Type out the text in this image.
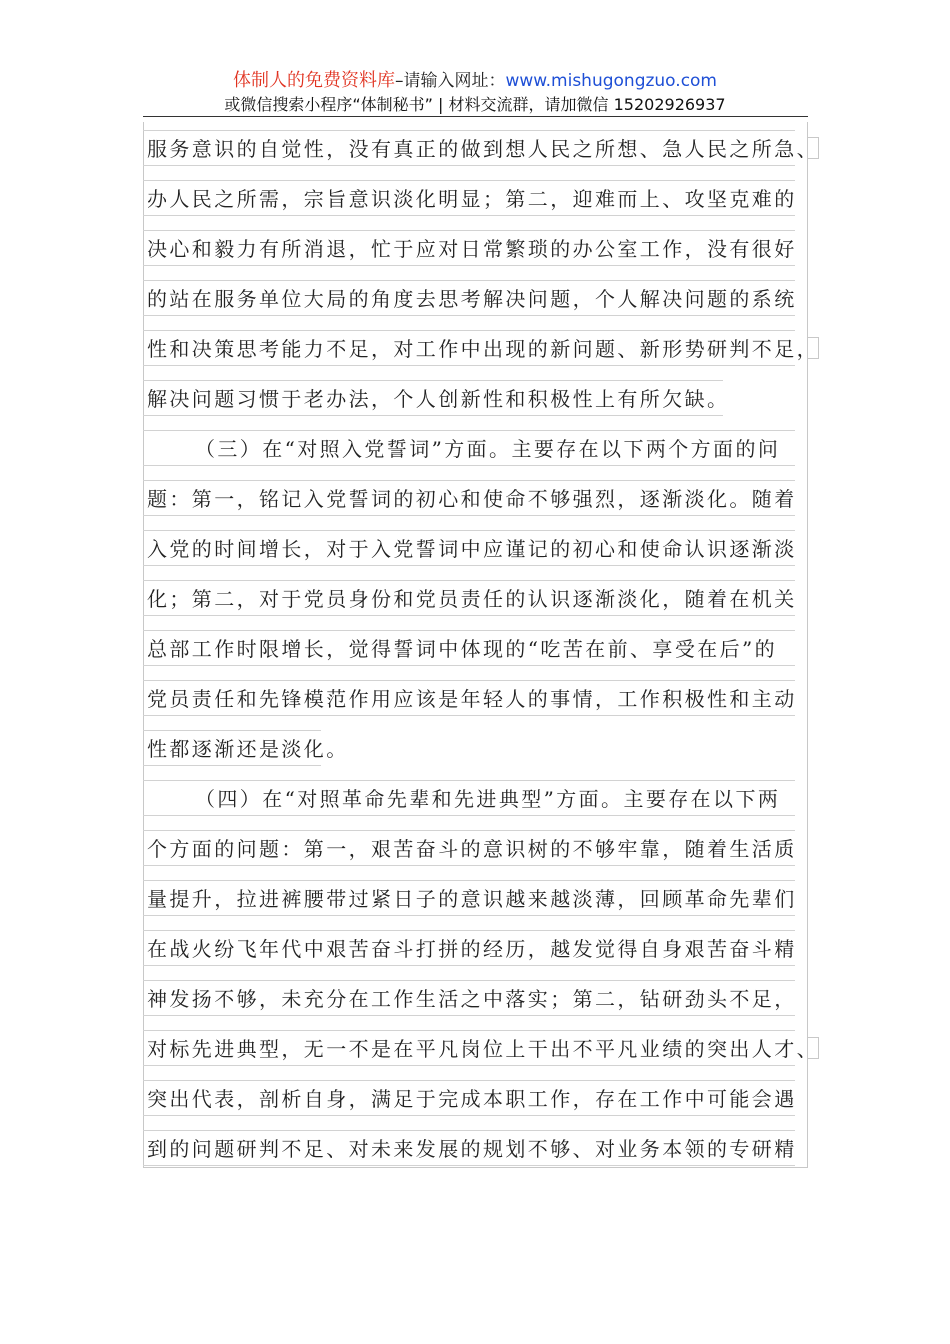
体制人的免费资料库–请输入网址：www.mishugongzuo.com
或微信搜索小程序“体制秘书” | 材料交流群，请加微信 15202926937
服务意识的自觉性，没有真正的做到想人民之所想、急人民之所急、
办人民之所需，宗旨意识淡化明显；第二，迎难而上、攻坚克难的
决心和毅力有所消退，忙于应对日常繁琐的办公室工作，没有很好
的站在服务单位大局的角度去思考解决问题，个人解决问题的系统
性和决策思考能力不足，对工作中出现的新问题、新形势研判不足，
解决问题习惯于老办法，个人创新性和积极性上有所欠缺。
（三）在“对照入党誓词”方面。主要存在以下两个方面的问
题：第一，铭记入党誓词的初心和使命不够强烈，逐渐淡化。随着
入党的时间增长，对于入党誓词中应谨记的初心和使命认识逐渐淡
化；第二，对于党员身份和党员责任的认识逐渐淡化，随着在机关
总部工作时限增长，觉得誓词中体现的“吃苦在前、享受在后”的
党员责任和先锋模范作用应该是年轻人的事情，工作积极性和主动
性都逐渐还是淡化。
（四）在“对照革命先辈和先进典型”方面。主要存在以下两
个方面的问题：第一，艰苦奋斗的意识树的不够牢靠，随着生活质
量提升，拉进裤腰带过紧日子的意识越来越淡薄，回顾革命先辈们
在战火纷飞年代中艰苦奋斗打拼的经历，越发觉得自身艰苦奋斗精
神发扬不够，未充分在工作生活之中落实；第二，钻研劲头不足，
对标先进典型，无一不是在平凡岗位上干出不平凡业绩的突出人才、
突出代表，剖析自身，满足于完成本职工作，存在工作中可能会遇
到的问题研判不足、对未来发展的规划不够、对业务本领的专研精
